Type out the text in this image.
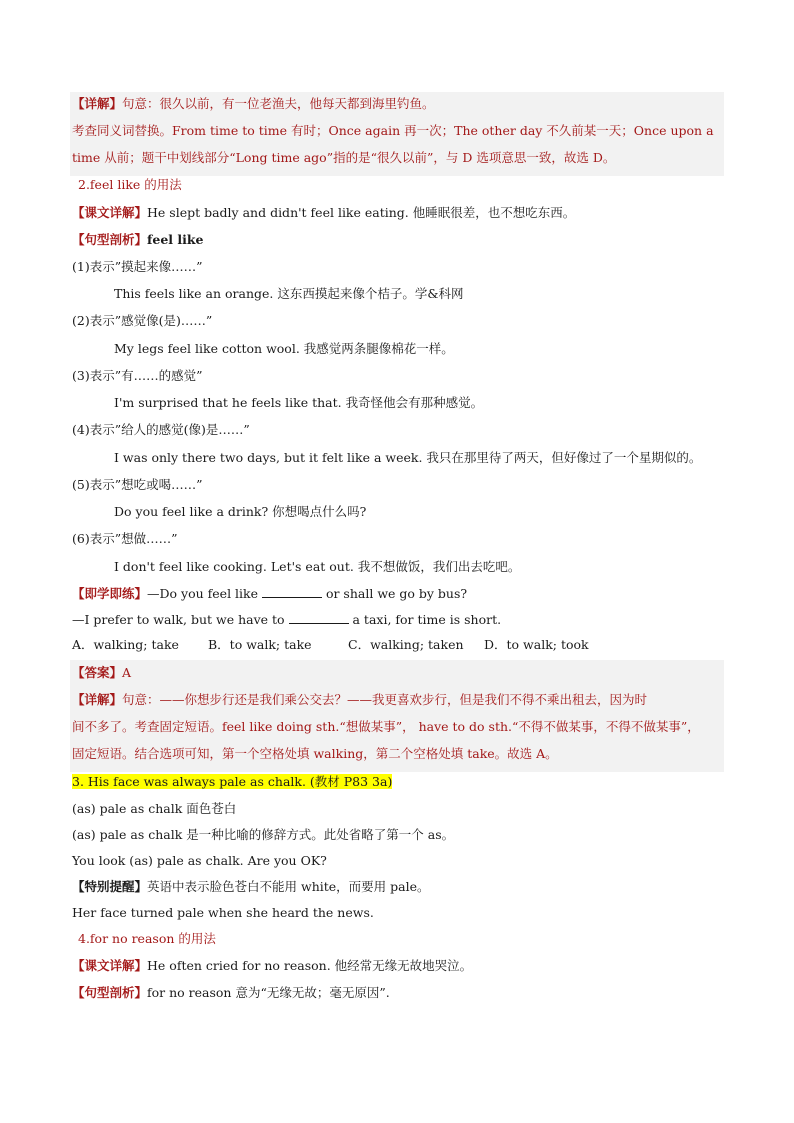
【详解】句意：很久以前，有一位老渔夫，他每天都到海里钓鱼。
考查同义词替换。From time to time 有时；Once again 再一次；The other day 不久前某一天；Once upon a
time 从前；题干中划线部分“Long time ago”指的是“很久以前”，与 D 选项意思一致，故选 D。
2.feel like 的用法
【课文详解】He slept badly and didn't feel like eating. 他睡眠很差，也不想吃东西。
【句型剖析】feel like
(1)表示”摸起来像……”
This feels like an orange. 这东西摸起来像个桔子。学&科网
(2)表示”感觉像(是)……”
My legs feel like cotton wool. 我感觉两条腿像棉花一样。
(3)表示”有……的感觉”
I'm surprised that he feels like that. 我奇怪他会有那种感觉。
(4)表示”给人的感觉(像)是……”
I was only there two days, but it felt like a week. 我只在那里待了两天，但好像过了一个星期似的。
(5)表示”想吃或喝……”
Do you feel like a drink? 你想喝点什么吗?
(6)表示”想做……”
I don't feel like cooking. Let's eat out. 我不想做饭，我们出去吃吧。
【即学即练】—Do you feel like	or shall we go by bus?
—I prefer to walk, but we have to	a taxi, for time is short.
A．walking; take B．to walk; take	C．walking; taken D．to walk; took
【答案】A
【详解】句意：——你想步行还是我们乘公交去？——我更喜欢步行，但是我们不得不乘出租去，因为时
间不多了。考查固定短语。feel like doing sth.“想做某事”， have to do sth.“不得不做某事，不得不做某事”，
固定短语。结合选项可知，第一个空格处填 walking，第二个空格处填 take。故选 A。
3. His face was always pale as chalk. (教材 P83 3a)
(as) pale as chalk 面色苍白
(as) pale as chalk 是一种比喻的修辞方式。此处省略了第一个 as。
You look (as) pale as chalk. Are you OK?
【特别提醒】英语中表示脸色苍白不能用 white，而要用 pale。
Her face turned pale when she heard the news.
4.for no reason 的用法
【课文详解】He often cried for no reason. 他经常无缘无故地哭泣。
【句型剖析】for no reason 意为“无缘无故；毫无原因”.
